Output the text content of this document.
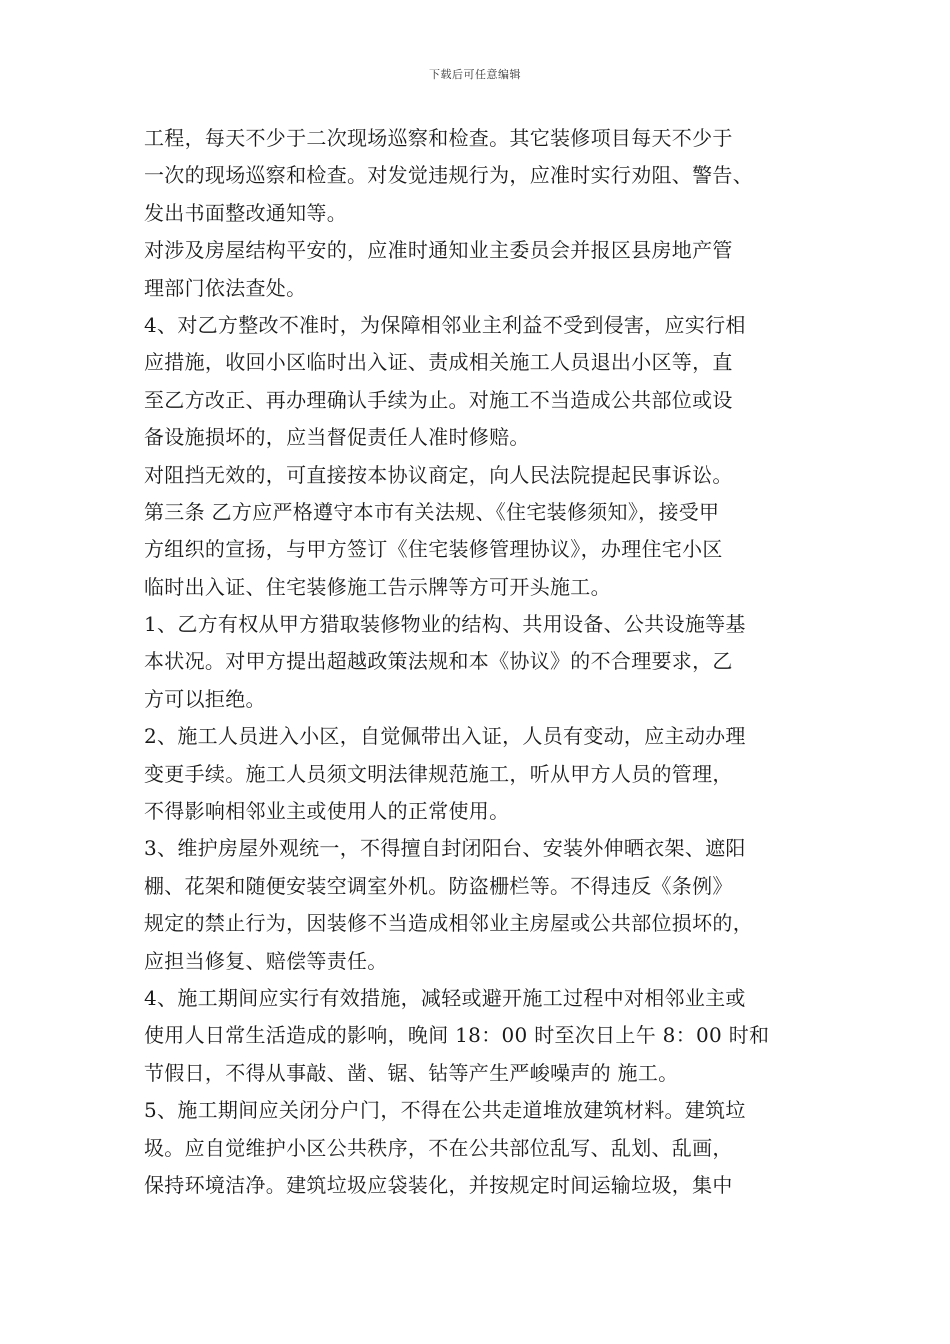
下载后可任意编辑
工程，每天不少于二次现场巡察和检查。其它装修项目每天不少于
一次的现场巡察和检查。对发觉违规行为，应准时实行劝阻、警告、
发出书面整改通知等。
对涉及房屋结构平安的，应准时通知业主委员会并报区县房地产管
理部门依法查处。
4、对乙方整改不准时，为保障相邻业主利益不受到侵害，应实行相
应措施，收回小区临时出入证、责成相关施工人员退出小区等，直
至乙方改正、再办理确认手续为止。对施工不当造成公共部位或设
备设施损坏的，应当督促责任人准时修赔。
对阻挡无效的，可直接按本协议商定，向人民法院提起民事诉讼。
第三条 乙方应严格遵守本市有关法规、《住宅装修须知》，接受甲
方组织的宣扬，与甲方签订《住宅装修管理协议》，办理住宅小区
临时出入证、住宅装修施工告示牌等方可开头施工。
1、乙方有权从甲方猎取装修物业的结构、共用设备、公共设施等基
本状况。对甲方提出超越政策法规和本《协议》的不合理要求，乙
方可以拒绝。
2、施工人员进入小区，自觉佩带出入证，人员有变动，应主动办理
变更手续。施工人员须文明法律规范施工，听从甲方人员的管理，
不得影响相邻业主或使用人的正常使用。
3、维护房屋外观统一，不得擅自封闭阳台、安装外伸晒衣架、遮阳
棚、花架和随便安装空调室外机。防盗栅栏等。不得违反《条例》
规定的禁止行为，因装修不当造成相邻业主房屋或公共部位损坏的，
应担当修复、赔偿等责任。
4、施工期间应实行有效措施，减轻或避开施工过程中对相邻业主或
使用人日常生活造成的影响，晚间 18：00 时至次日上午 8：00 时和
节假日，不得从事敲、凿、锯、钻等产生严峻噪声的 施工。
5、施工期间应关闭分户门，不得在公共走道堆放建筑材料。建筑垃
圾。应自觉维护小区公共秩序，不在公共部位乱写、乱划、乱画，
保持环境洁净。建筑垃圾应袋装化，并按规定时间运输垃圾，集中
